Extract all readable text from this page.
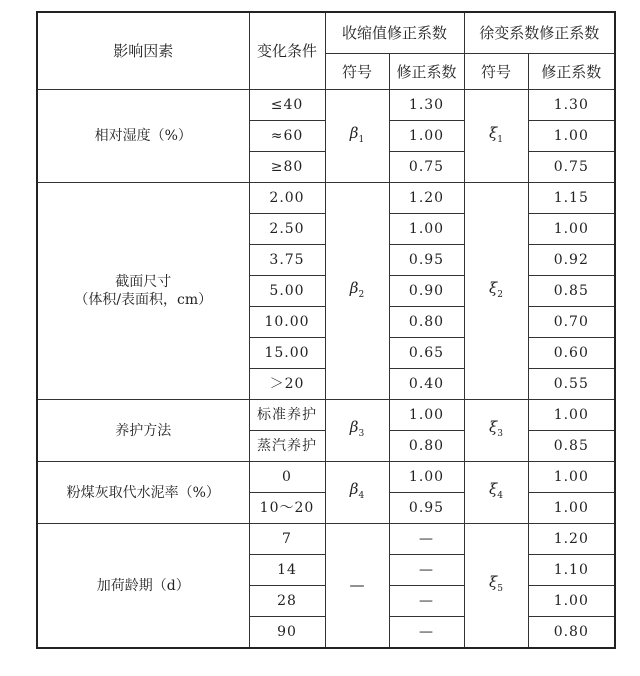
影响因素	变化条件	收缩值修正系数		徐变系数修正系数	
		符号	修正系数	符号	修正系数

相对湿度（%）	≤40	$\beta_1$	1.30	$\xi_1$	1.30
	≈60		1.00		1.00
	≥80		0.75		0.75

截面尺寸
（体积/表面积，cm）	2.00	$\beta_2$	1.20	$\xi_2$	1.15
	2.50		1.00		1.00
	3.75		0.95		0.92
	5.00		0.90		0.85
	10.00		0.80		0.70
	15.00		0.65		0.60
	＞20		0.40		0.55

养护方法	标准养护	$\beta_3$	1.00	$\xi_3$	1.00
	蒸汽养护		0.80		0.85

粉煤灰取代水泥率（%）	0	$\beta_4$	1.00	$\xi_4$	1.00
	10～20		0.95		1.00

加荷龄期（d）	7	—	—	$\xi_5$	1.20
	14		—		1.10
	28		—		1.00
	90		—		0.80
